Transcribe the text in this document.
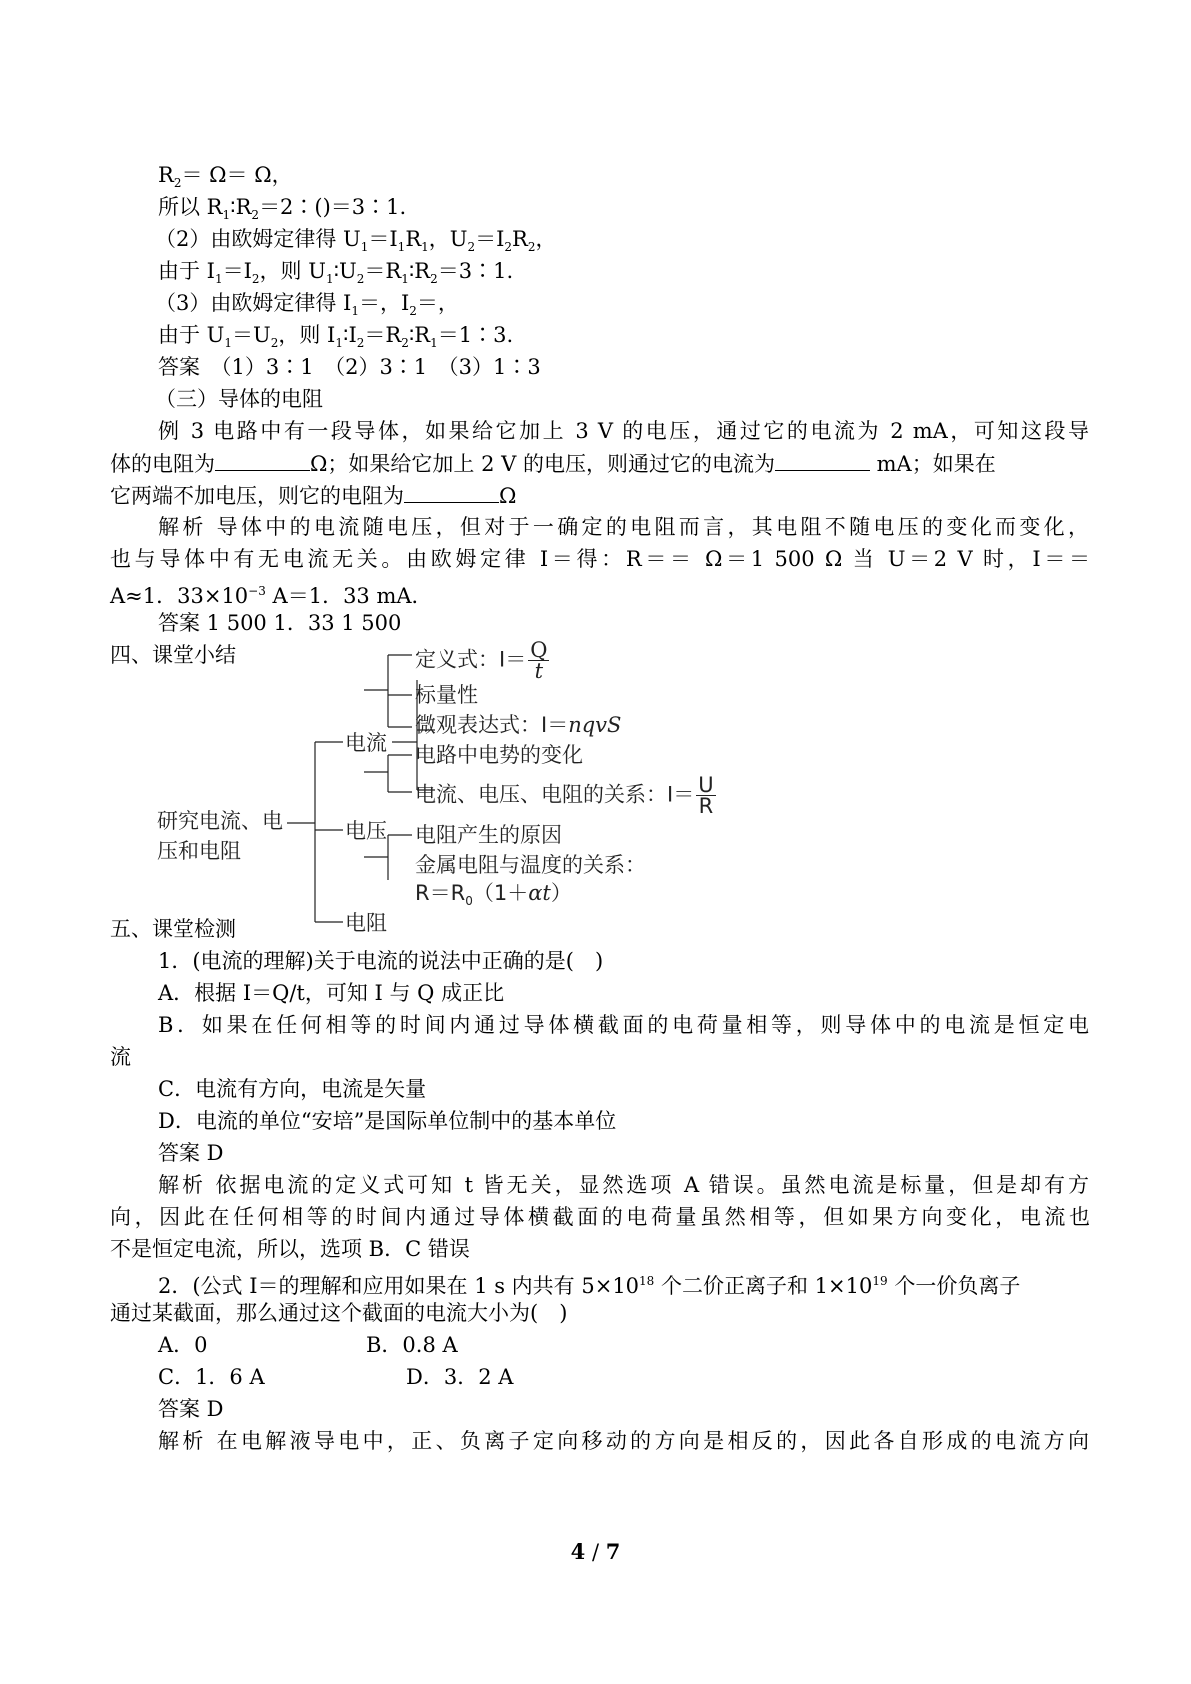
$R_2= \Omega= \Omega$，
所以 $R_1∶R_2=2∶()=3∶1$.
（2）由欧姆定律得 $U_1=I_1R_1$，$U_2=I_2R_2$，
由于 $I_1=I_2$，则 $U_1∶U_2=R_1∶R_2=3∶1$.
（3）由欧姆定律得 $I_1=$，$I_2=$，
由于 $U_1=U_2$，则 $I_1∶I_2=R_2∶R_1=1∶3$.
答案　（1）3∶1　（2）3∶1　（3）1∶3
（三）导体的电阻
例 3 电路中有一段导体，如果给它加上 3 V 的电压，通过它的电流为 2 mA，可知这段导
体的电阻为	Ω；如果给它加上 2 V 的电压，则通过它的电流为	mA；如果在
它两端不加电压，则它的电阻为	Ω
解析 导体中的电流随电压，但对于一确定的电阻而言，其电阻不随电压的变化而变化，
也与导体中有无电流无关。由欧姆定律 I＝得：R＝＝ Ω＝1 500 Ω 当 U＝2 V 时，I＝＝
A≈1．$33\times 10^{-3}$ A＝1．33 mA．
答案 1 500 1．33 1 500
四、课堂小结
研究电流、电
压和电阻
电流
电压
电阻
定义式：$I= \frac{Q}{t}$
标量性
微观表达式：I＝nqvS
电路中电势的变化
电流、电压、电阻的关系：$I= \frac{U}{R}$
电阻产生的原因
金属电阻与温度的关系：
$R=R_0(1+\alpha t)$
五、课堂检测
1．(电流的理解)关于电流的说法中正确的是(　)
A．根据 I＝Q/t，可知 I 与 Q 成正比
B．如果在任何相等的时间内通过导体横截面的电荷量相等，则导体中的电流是恒定电
流
C．电流有方向，电流是矢量
D．电流的单位“安培”是国际单位制中的基本单位
答案 D
解析 依据电流的定义式可知 t 皆无关，显然选项 A 错误。虽然电流是标量，但是却有方
向，因此在任何相等的时间内通过导体横截面的电荷量虽然相等，但如果方向变化，电流也
不是恒定电流，所以，选项 B．C 错误
2．(公式 I＝的理解和应用如果在 1 s 内共有 $5\times 10^{18}$ 个二价正离子和 $1\times 10^{19}$ 个一价负离子
通过某截面，那么通过这个截面的电流大小为(　)
A．0	B．0.8 A
C．1．6 A	D．3．2 A
答案 D
解析 在电解液导电中，正、负离子定向移动的方向是相反的，因此各自形成的电流方向
4 / 7
